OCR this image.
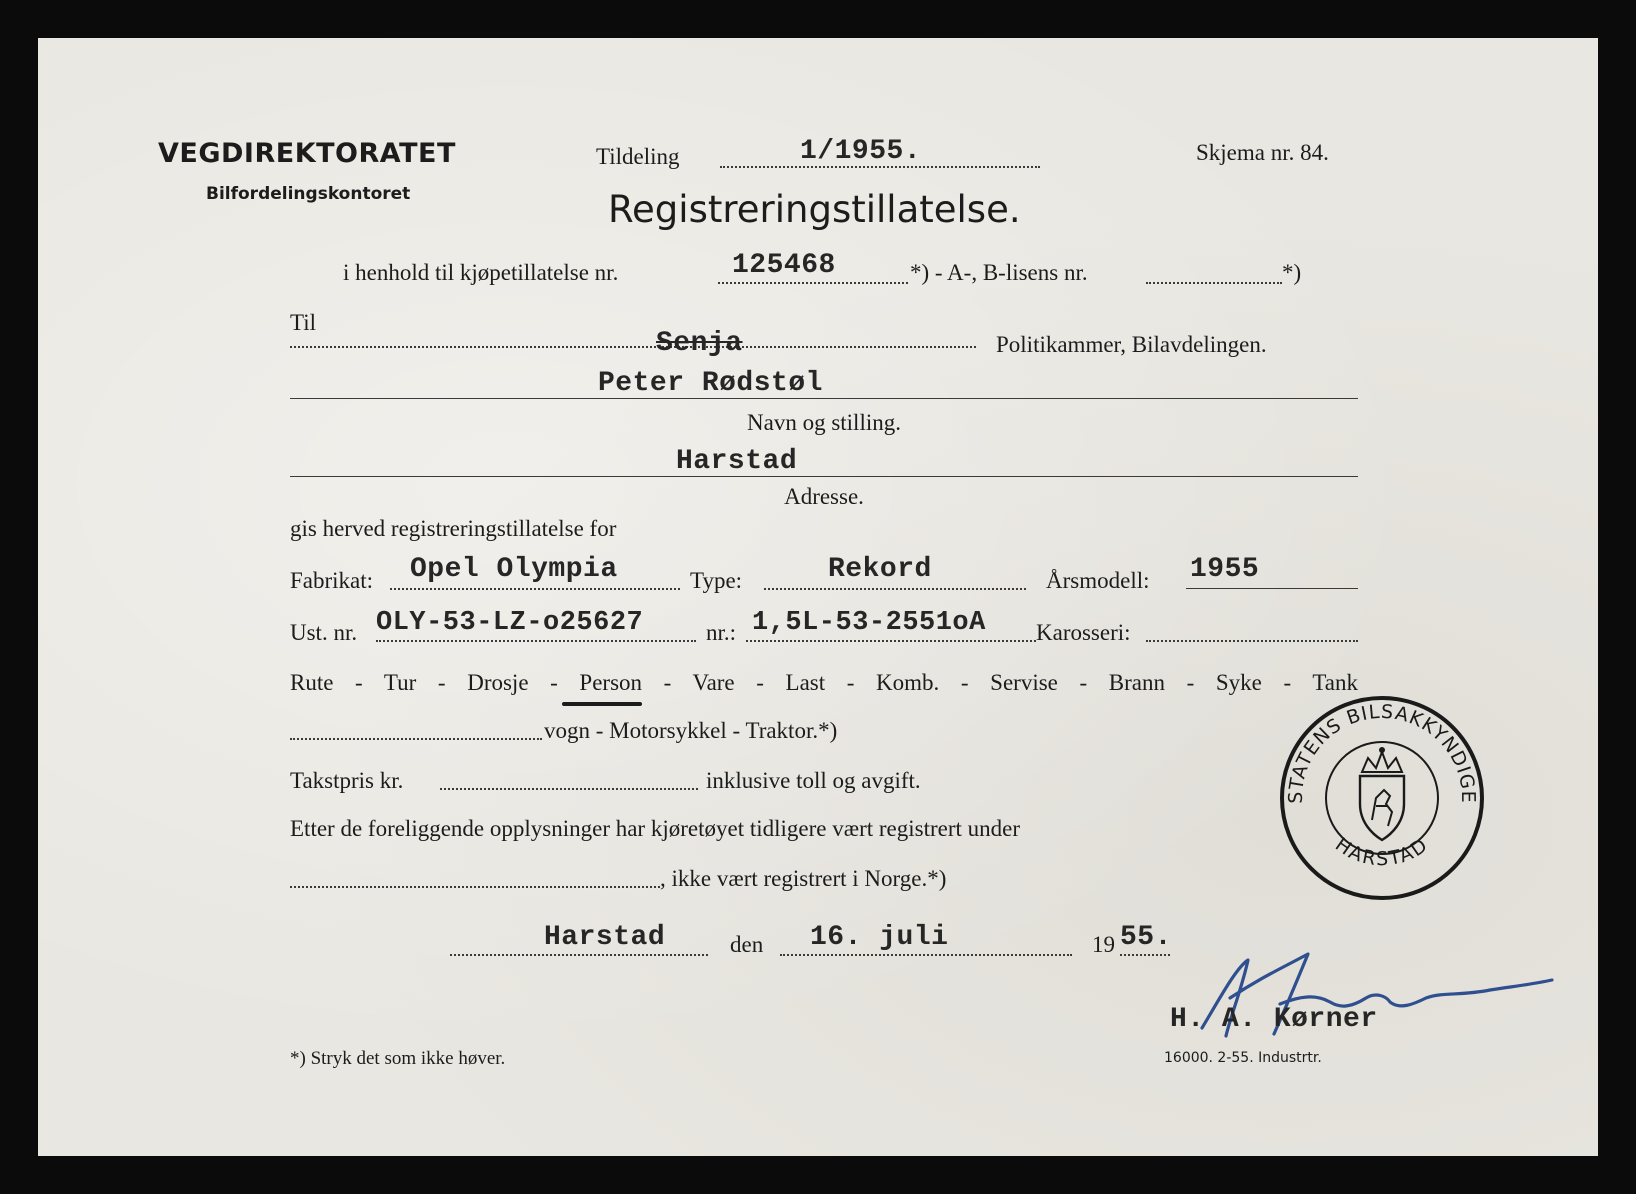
VEGDIREKTORATET
Bilfordelingskontoret
Tildeling	1/1955.	Skjema nr. 84.
Registreringstillatelse.
i henhold til kjøpetillatelse nr.	125468	*) - A-, B-lisens nr.	*)
Til
Senja	Politikammer, Bilavdelingen.
Peter Rødstøl
Navn og stilling.
Harstad
Adresse.
gis herved registreringstillatelse for
Fabrikat: Opel Olympia	Type:	Rekord	Årsmodell: 1955
Ust. nr. OLY-53-LZ-o25627	nr.: 1,5L-53-2551oA Karosseri:
Rute - Tur - Drosje - Person - Vare - Last - Komb. - Servise - Brann - Syke - Tank
vogn - Motorsykkel - Traktor.*)
Takstpris kr.	inklusive toll og avgift.
Etter de foreliggende opplysninger har kjøretøyet tidligere vært registrert under
, ikke vært registrert i Norge.*)
Harstad	den 16. juli	19 55.
H. A. Kørner
STATENS BILSAKKYNDIGE
HARSTAD
*) Stryk det som ikke høver.	16000. 2-55. Industrtr.
